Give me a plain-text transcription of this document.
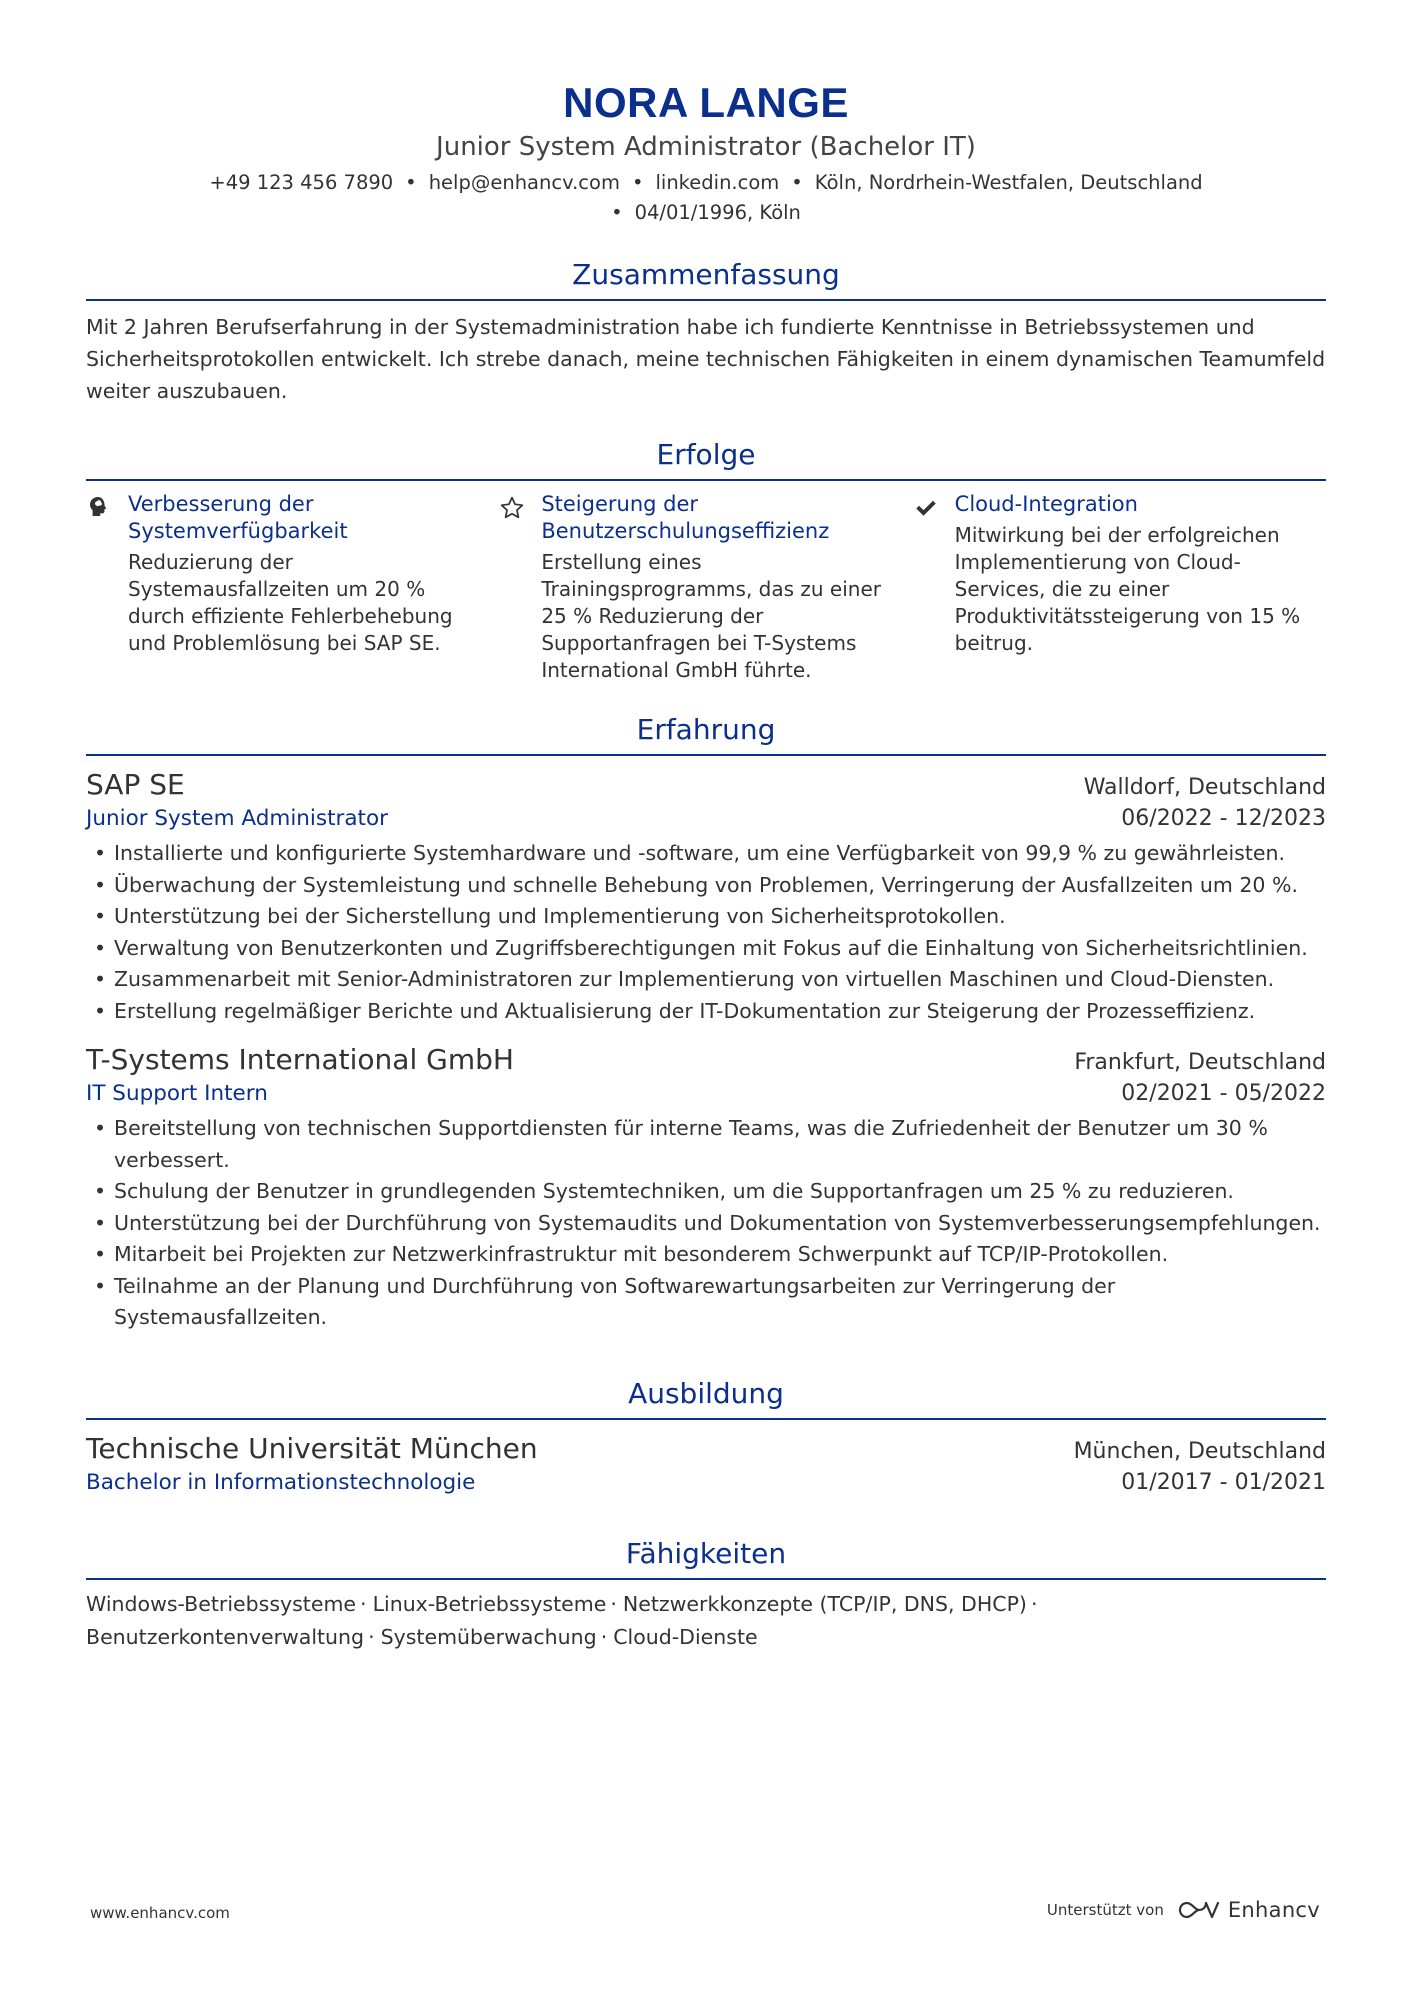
NORA LANGE
Junior System Administrator (Bachelor IT)
+49 123 456 7890 • help@enhancv.com • linkedin.com • Köln, Nordrhein-Westfalen, Deutschland
• 04/01/1996, Köln
Zusammenfassung
Mit 2 Jahren Berufserfahrung in der Systemadministration habe ich fundierte Kenntnisse in Betriebssystemen und Sicherheitsprotokollen entwickelt. Ich strebe danach, meine technischen Fähigkeiten in einem dynamischen Teamumfeld weiter auszubauen.
Erfolge
Verbesserung der Systemverfügbarkeit
Reduzierung der Systemausfallzeiten um 20 % durch effiziente Fehlerbehebung und Problemlösung bei SAP SE.
Steigerung der Benutzerschulungseffizienz
Erstellung eines Trainingsprogramms, das zu einer 25 % Reduzierung der Supportanfragen bei T-Systems International GmbH führte.
Cloud-Integration
Mitwirkung bei der erfolgreichen Implementierung von Cloud-Services, die zu einer Produktivitätssteigerung von 15 % beitrug.
Erfahrung
SAP SE	Walldorf, Deutschland
Junior System Administrator	06/2022 - 12/2023
• Installierte und konfigurierte Systemhardware und -software, um eine Verfügbarkeit von 99,9 % zu gewährleisten.
• Überwachung der Systemleistung und schnelle Behebung von Problemen, Verringerung der Ausfallzeiten um 20 %.
• Unterstützung bei der Sicherstellung und Implementierung von Sicherheitsprotokollen.
• Verwaltung von Benutzerkonten und Zugriffsberechtigungen mit Fokus auf die Einhaltung von Sicherheitsrichtlinien.
• Zusammenarbeit mit Senior-Administratoren zur Implementierung von virtuellen Maschinen und Cloud-Diensten.
• Erstellung regelmäßiger Berichte und Aktualisierung der IT-Dokumentation zur Steigerung der Prozesseffizienz.
T-Systems International GmbH	Frankfurt, Deutschland
IT Support Intern	02/2021 - 05/2022
• Bereitstellung von technischen Supportdiensten für interne Teams, was die Zufriedenheit der Benutzer um 30 % verbessert.
• Schulung der Benutzer in grundlegenden Systemtechniken, um die Supportanfragen um 25 % zu reduzieren.
• Unterstützung bei der Durchführung von Systemaudits und Dokumentation von Systemverbesserungsempfehlungen.
• Mitarbeit bei Projekten zur Netzwerkinfrastruktur mit besonderem Schwerpunkt auf TCP/IP-Protokollen.
• Teilnahme an der Planung und Durchführung von Softwarewartungsarbeiten zur Verringerung der Systemausfallzeiten.
Ausbildung
Technische Universität München	München, Deutschland
Bachelor in Informationstechnologie	01/2017 - 01/2021
Fähigkeiten
Windows-Betriebssysteme · Linux-Betriebssysteme · Netzwerkkonzepte (TCP/IP, DNS, DHCP) ·
Benutzerkontenverwaltung · Systemüberwachung · Cloud-Dienste
www.enhancv.com	Unterstützt von	Enhancv
